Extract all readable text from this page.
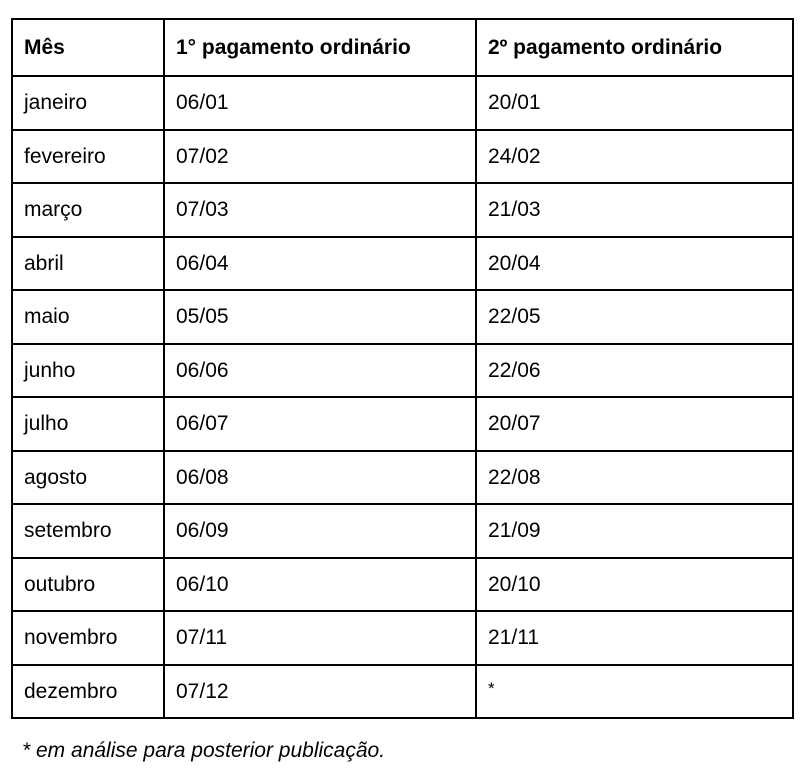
Mês	1° pagamento ordinário	2º pagamento ordinário
janeiro	06/01	20/01
fevereiro	07/02	24/02
março	07/03	21/03
abril	06/04	20/04
maio	05/05	22/05
junho	06/06	22/06
julho	06/07	20/07
agosto	06/08	22/08
setembro	06/09	21/09
outubro	06/10	20/10
novembro	07/11	21/11
dezembro	07/12	*
* em análise para posterior publicação.
